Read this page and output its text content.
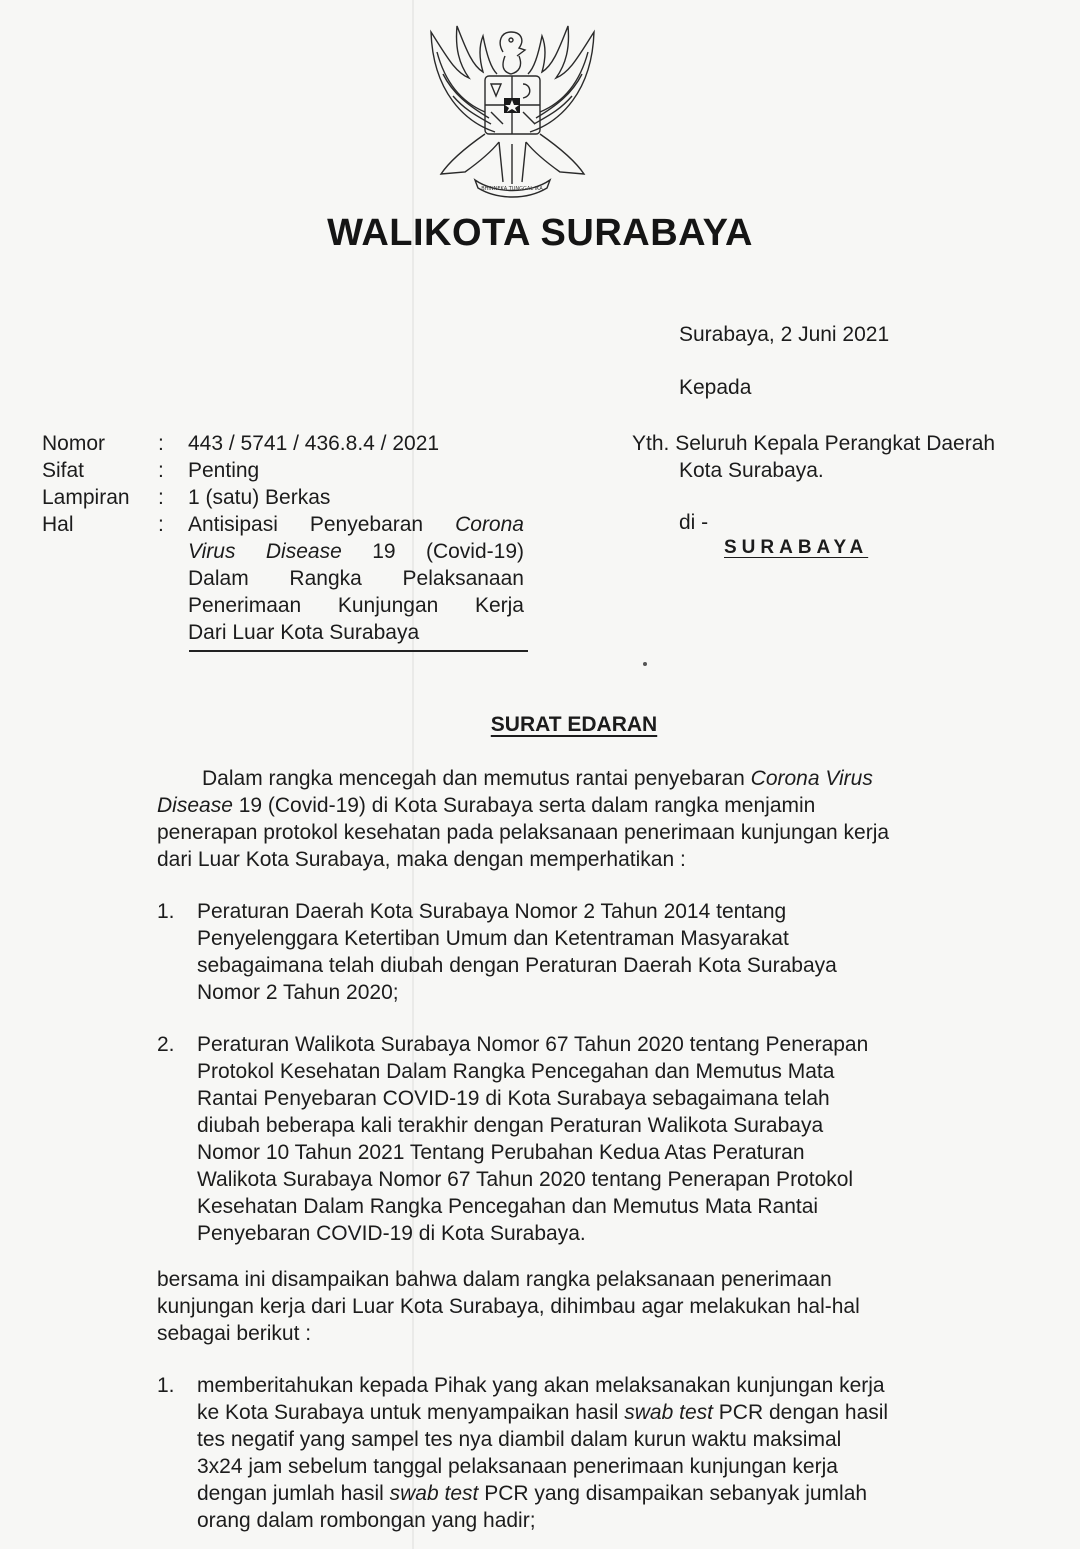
BHINNEKA TUNGGAL IKA
WALIKOTA SURABAYA
Surabaya, 2 Juni 2021
Kepada
Nomor	:	443 / 5741 / 436.8.4 / 2021
Sifat	:	Penting
Lampiran	:	1 (satu) Berkas
Hal	:	Antisipasi Penyebaran Corona
Virus Disease 19 (Covid-19)
Dalam Rangka Pelaksanaan
Penerimaan Kunjungan Kerja
Dari Luar Kota Surabaya
Yth. Seluruh Kepala Perangkat Daerah
Kota Surabaya.
di -
SURABAYA
SURAT EDARAN
Dalam rangka mencegah dan memutus rantai penyebaran Corona Virus
Disease 19 (Covid-19) di Kota Surabaya serta dalam rangka menjamin
penerapan protokol kesehatan pada pelaksanaan penerimaan kunjungan kerja
dari Luar Kota Surabaya, maka dengan memperhatikan :
1.	Peraturan Daerah Kota Surabaya Nomor 2 Tahun 2014 tentang
Penyelenggara Ketertiban Umum dan Ketentraman Masyarakat
sebagaimana telah diubah dengan Peraturan Daerah Kota Surabaya
Nomor 2 Tahun 2020;
2.	Peraturan Walikota Surabaya Nomor 67 Tahun 2020 tentang Penerapan
Protokol Kesehatan Dalam Rangka Pencegahan dan Memutus Mata
Rantai Penyebaran COVID-19 di Kota Surabaya sebagaimana telah
diubah beberapa kali terakhir dengan Peraturan Walikota Surabaya
Nomor 10 Tahun 2021 Tentang Perubahan Kedua Atas Peraturan
Walikota Surabaya Nomor 67 Tahun 2020 tentang Penerapan Protokol
Kesehatan Dalam Rangka Pencegahan dan Memutus Mata Rantai
Penyebaran COVID-19 di Kota Surabaya.
bersama ini disampaikan bahwa dalam rangka pelaksanaan penerimaan
kunjungan kerja dari Luar Kota Surabaya, dihimbau agar melakukan hal-hal
sebagai berikut :
1.	memberitahukan kepada Pihak yang akan melaksanakan kunjungan kerja
ke Kota Surabaya untuk menyampaikan hasil swab test PCR dengan hasil
tes negatif yang sampel tes nya diambil dalam kurun waktu maksimal
3x24 jam sebelum tanggal pelaksanaan penerimaan kunjungan kerja
dengan jumlah hasil swab test PCR yang disampaikan sebanyak jumlah
orang dalam rombongan yang hadir;
